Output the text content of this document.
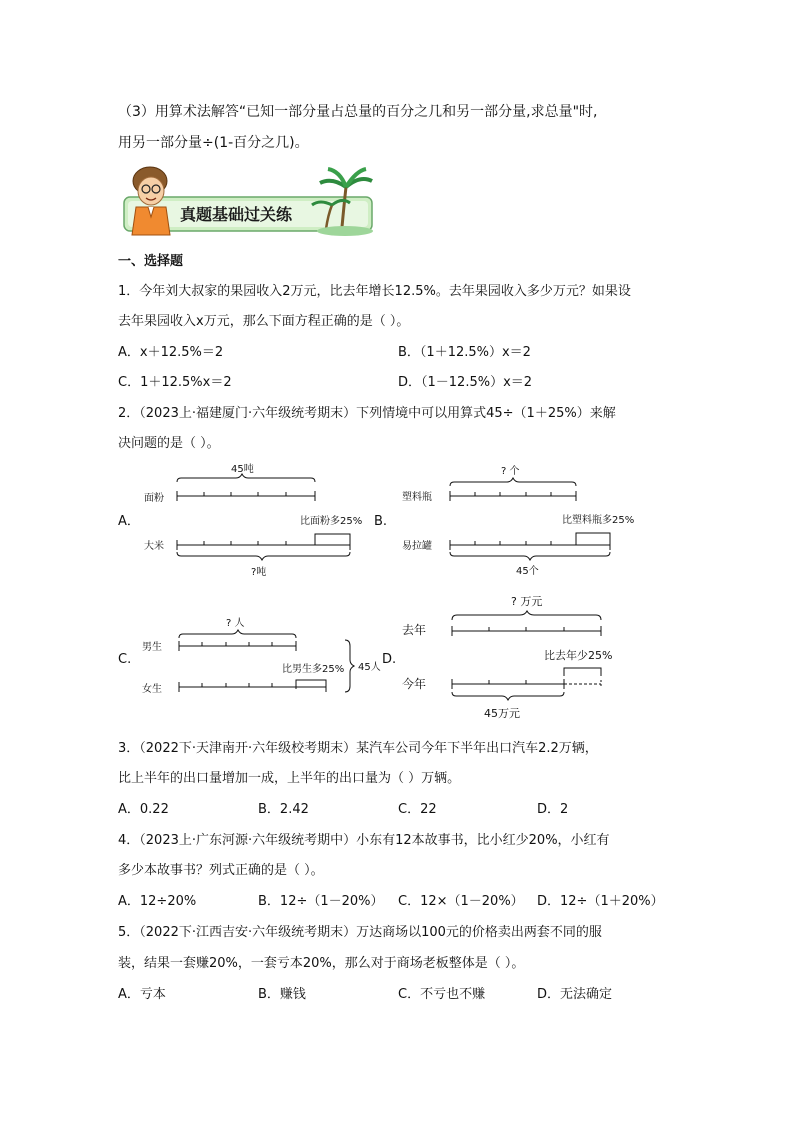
（3）用算术法解答“已知一部分量占总量的百分之几和另一部分量,求总量"时,
用另一部分量÷(1-百分之几)。
真题基础过关练
一、选择题
1．今年刘大叔家的果园收入2万元，比去年增长12.5%。去年果园收入多少万元？如果设
去年果园收入x万元，那么下面方程正确的是（ ）。
A．x＋12.5%＝2	B．（1＋12.5%）x＝2
C．1＋12.5%x＝2	D．（1－12.5%）x＝2
2．（2023上·福建厦门·六年级统考期末）下列情境中可以用算式45÷（1＋25%）来解
决问题的是（ ）。
A．
45吨
面粉
比面粉多25%
大米
?吨
B.
? 个
塑料瓶
比塑料瓶多25%
易拉罐
45个
C.
? 人
男生
比男生多25%
女生
45人
D.
? 万元
去年
比去年少25%
今年
45万元
3．（2022下·天津南开·六年级校考期末）某汽车公司今年下半年出口汽车2.2万辆，
比上半年的出口量增加一成，上半年的出口量为（ ）万辆。
A．0.22	B．2.42	C．22	D．2
4．（2023上·广东河源·六年级统考期中）小东有12本故事书，比小红少20%，小红有
多少本故事书？列式正确的是（ ）。
A．12÷20%	B．12÷（1－20%） C．12×（1－20%） D．12÷（1＋20%）
5．（2022下·江西吉安·六年级统考期末）万达商场以100元的价格卖出两套不同的服
装，结果一套赚20%，一套亏本20%，那么对于商场老板整体是（ ）。
A．亏本	B．赚钱	C．不亏也不赚	D．无法确定
